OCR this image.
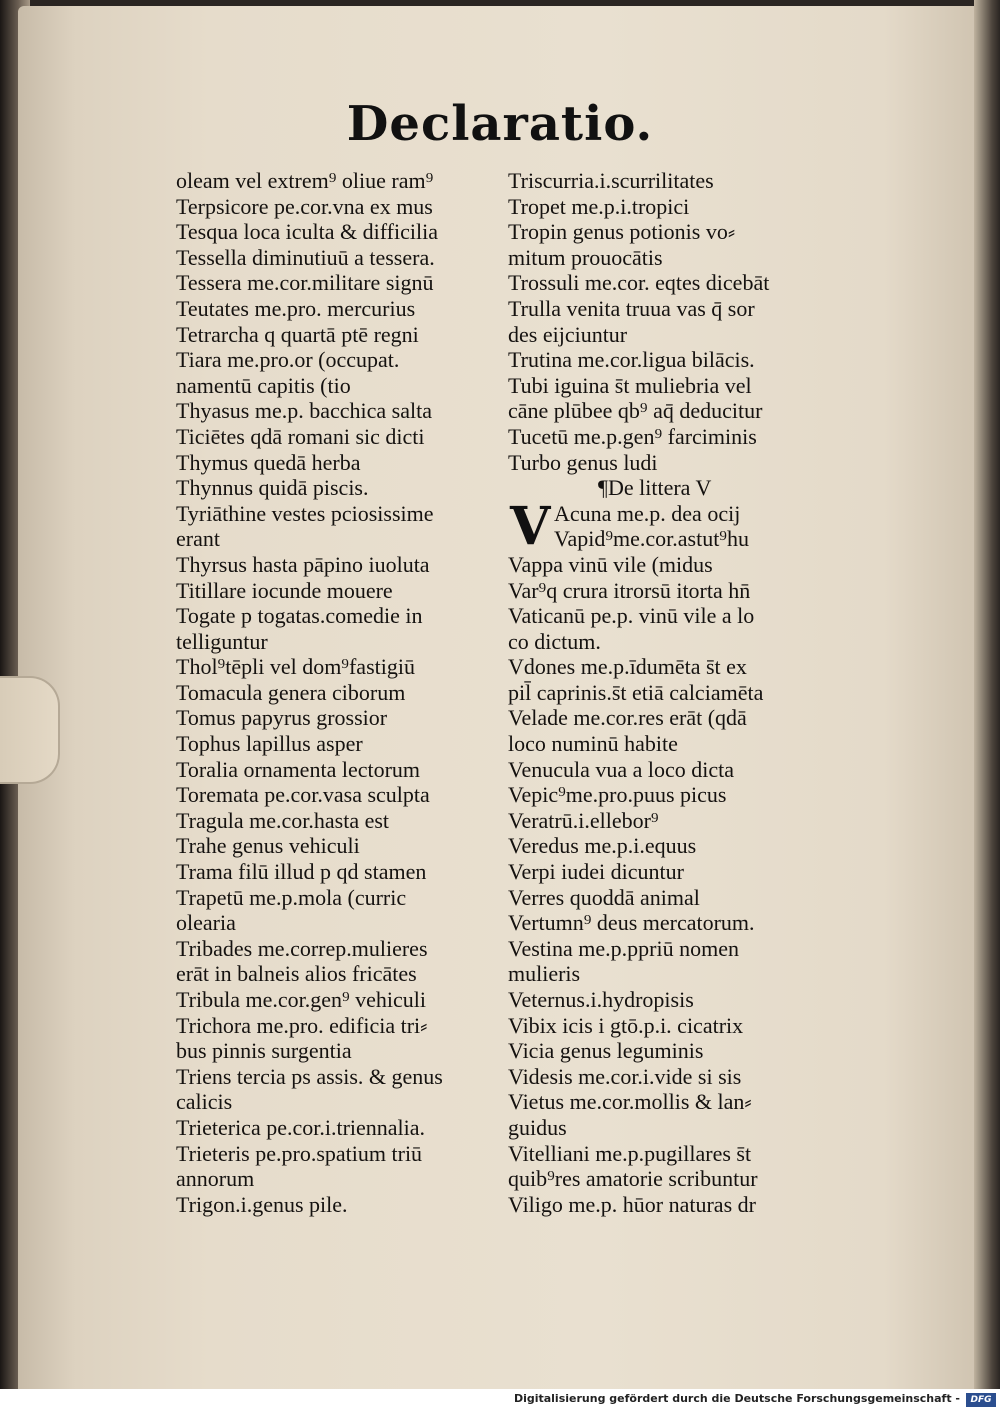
Declaratio.
oleam vel extrem⁹ oliue ram⁹
Terpsicore pe.cor.vna ex mus
Tesqua loca iculta & difficilia
Tessella diminutiuū a tessera.
Tessera me.cor.militare signū
Teutates me.pro. mercurius
Tetrarcha q quartā ptē regni
Tiara me.pro.or (occupat.
namentū capitis (tio
Thyasus me.p. bacchica salta
Ticiētes qdā romani sic dicti
Thymus quedā herba
Thynnus quidā piscis.
Tyriāthine vestes pciosissime
erant
Thyrsus hasta pāpino iuoluta
Titillare iocunde mouere
Togate p togatas.comedie in
telliguntur
Thol⁹tēpli vel dom⁹fastigiū
Tomacula genera ciborum
Tomus papyrus grossior
Tophus lapillus asper
Toralia ornamenta lectorum
Toremata pe.cor.vasa sculpta
Tragula me.cor.hasta est
Trahe genus vehiculi
Trama filū illud p qd stamen
Trapetū me.p.mola (curric
olearia
Tribades me.correp.mulieres
erāt in balneis alios fricātes
Tribula me.cor.gen⁹ vehiculi
Trichora me.pro. edificia tri⸗
bus pinnis surgentia
Triens tercia ps assis. & genus
calicis
Trieterica pe.cor.i.triennalia.
Trieteris pe.pro.spatium triū
annorum
Trigon.i.genus pile.
Triscurria.i.scurrilitates
Tropet me.p.i.tropici
Tropin genus potionis vo⸗
mitum prouocātis
Trossuli me.cor. eqtes dicebāt
Trulla venita truua vas q̄ sor
des eijciuntur
Trutina me.cor.ligua bilācis.
Tubi iguina s̄t muliebria vel
cāne plūbee qb⁹ aq̄ deducitur
Tucetū me.p.gen⁹ farciminis
Turbo genus ludi
¶De littera V
V Acuna me.p. dea ocij
Vapid⁹me.cor.astut⁹hu
Vappa vinū vile (midus
Var⁹q crura itrorsū itorta hn̄
Vaticanū pe.p. vinū vile a lo
co dictum.
Vdones me.p.īdumēta s̄t ex
pil̄ caprinis.s̄t etiā calciamēta
Velade me.cor.res erāt (qdā
loco numinū habite
Venucula vua a loco dicta
Vepic⁹me.pro.puus picus
Veratrū.i.ellebor⁹
Veredus me.p.i.equus
Verpi iudei dicuntur
Verres quoddā animal
Vertumn⁹ deus mercatorum.
Vestina me.p.ppriū nomen
mulieris
Veternus.i.hydropisis
Vibix icis i gtō.p.i. cicatrix
Vicia genus leguminis
Videsis me.cor.i.vide si sis
Vietus me.cor.mollis & lan⸗
guidus
Vitelliani me.p.pugillares s̄t
quib⁹res amatorie scribuntur
Viligo me.p. hūor naturas dr
Digitalisierung gefördert durch die Deutsche Forschungsgemeinschaft -	DFG
